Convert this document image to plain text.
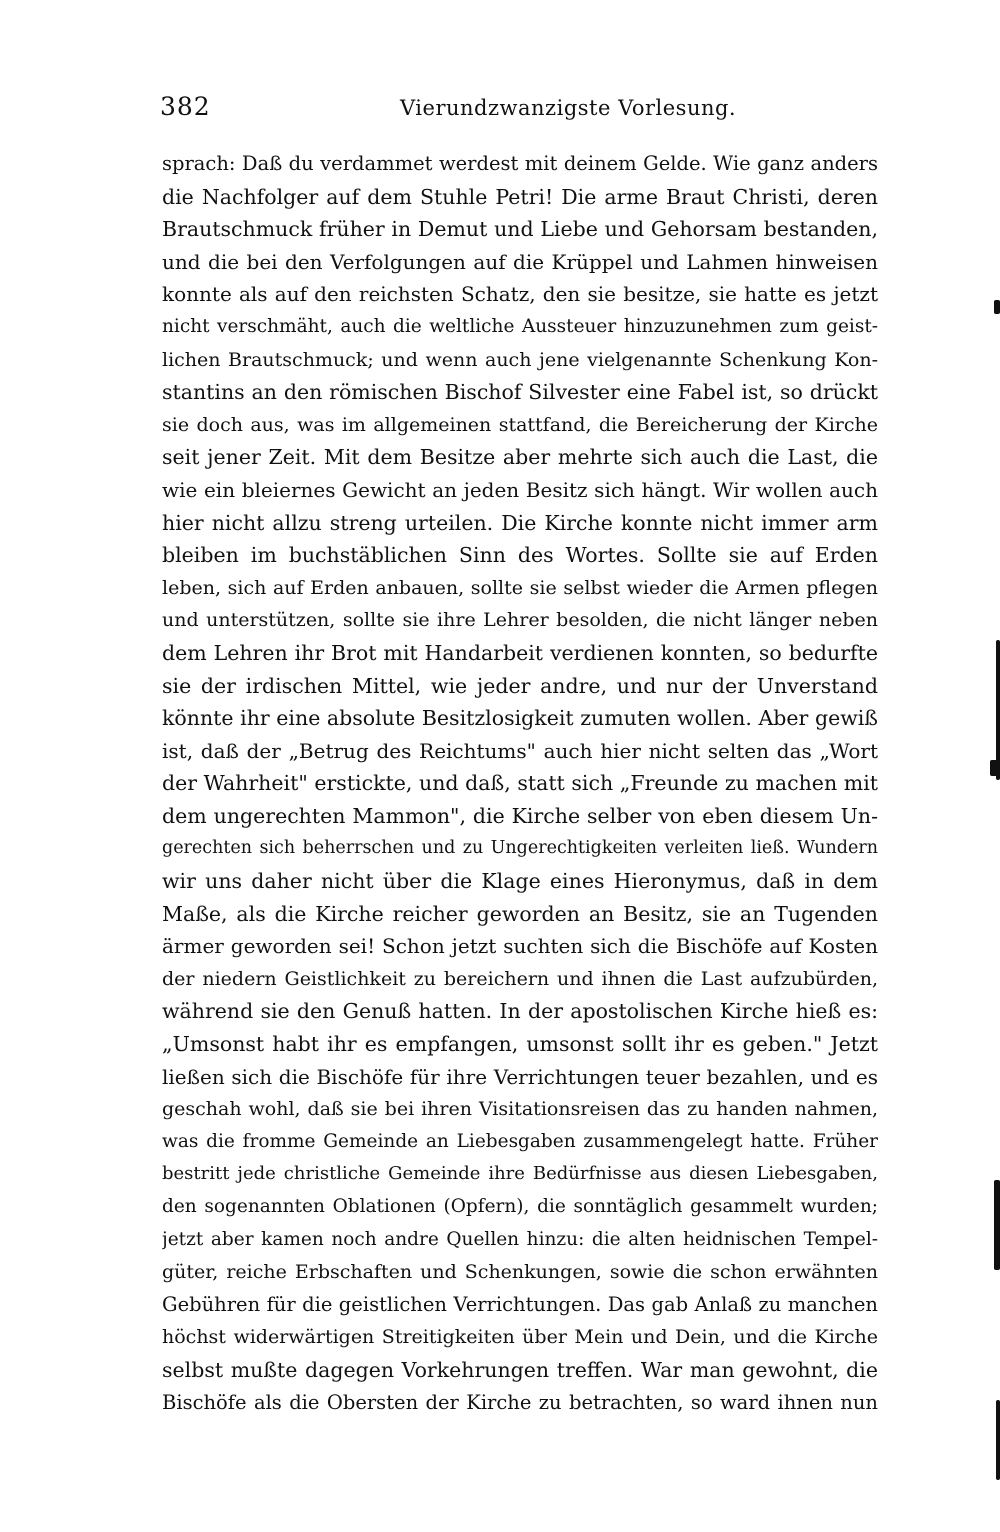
382	Vierundzwanzigste Vorlesung.
sprach: Daß du verdammet werdest mit deinem Gelde. Wie ganz anders
die Nachfolger auf dem Stuhle Petri! Die arme Braut Christi, deren
Brautschmuck früher in Demut und Liebe und Gehorsam bestanden,
und die bei den Verfolgungen auf die Krüppel und Lahmen hinweisen
konnte als auf den reichsten Schatz, den sie besitze, sie hatte es jetzt
nicht verschmäht, auch die weltliche Aussteuer hinzuzunehmen zum geist-
lichen Brautschmuck; und wenn auch jene vielgenannte Schenkung Kon-
stantins an den römischen Bischof Silvester eine Fabel ist, so drückt
sie doch aus, was im allgemeinen stattfand, die Bereicherung der Kirche
seit jener Zeit. Mit dem Besitze aber mehrte sich auch die Last, die
wie ein bleiernes Gewicht an jeden Besitz sich hängt. Wir wollen auch
hier nicht allzu streng urteilen. Die Kirche konnte nicht immer arm
bleiben im buchstäblichen Sinn des Wortes. Sollte sie auf Erden
leben, sich auf Erden anbauen, sollte sie selbst wieder die Armen pflegen
und unterstützen, sollte sie ihre Lehrer besolden, die nicht länger neben
dem Lehren ihr Brot mit Handarbeit verdienen konnten, so bedurfte
sie der irdischen Mittel, wie jeder andre, und nur der Unverstand
könnte ihr eine absolute Besitzlosigkeit zumuten wollen. Aber gewiß
ist, daß der „Betrug des Reichtums" auch hier nicht selten das „Wort
der Wahrheit" erstickte, und daß, statt sich „Freunde zu machen mit
dem ungerechten Mammon", die Kirche selber von eben diesem Un-
gerechten sich beherrschen und zu Ungerechtigkeiten verleiten ließ. Wundern
wir uns daher nicht über die Klage eines Hieronymus, daß in dem
Maße, als die Kirche reicher geworden an Besitz, sie an Tugenden
ärmer geworden sei! Schon jetzt suchten sich die Bischöfe auf Kosten
der niedern Geistlichkeit zu bereichern und ihnen die Last aufzubürden,
während sie den Genuß hatten. In der apostolischen Kirche hieß es:
„Umsonst habt ihr es empfangen, umsonst sollt ihr es geben." Jetzt
ließen sich die Bischöfe für ihre Verrichtungen teuer bezahlen, und es
geschah wohl, daß sie bei ihren Visitationsreisen das zu handen nahmen,
was die fromme Gemeinde an Liebesgaben zusammengelegt hatte. Früher
bestritt jede christliche Gemeinde ihre Bedürfnisse aus diesen Liebesgaben,
den sogenannten Oblationen (Opfern), die sonntäglich gesammelt wurden;
jetzt aber kamen noch andre Quellen hinzu: die alten heidnischen Tempel-
güter, reiche Erbschaften und Schenkungen, sowie die schon erwähnten
Gebühren für die geistlichen Verrichtungen. Das gab Anlaß zu manchen
höchst widerwärtigen Streitigkeiten über Mein und Dein, und die Kirche
selbst mußte dagegen Vorkehrungen treffen. War man gewohnt, die
Bischöfe als die Obersten der Kirche zu betrachten, so ward ihnen nun
